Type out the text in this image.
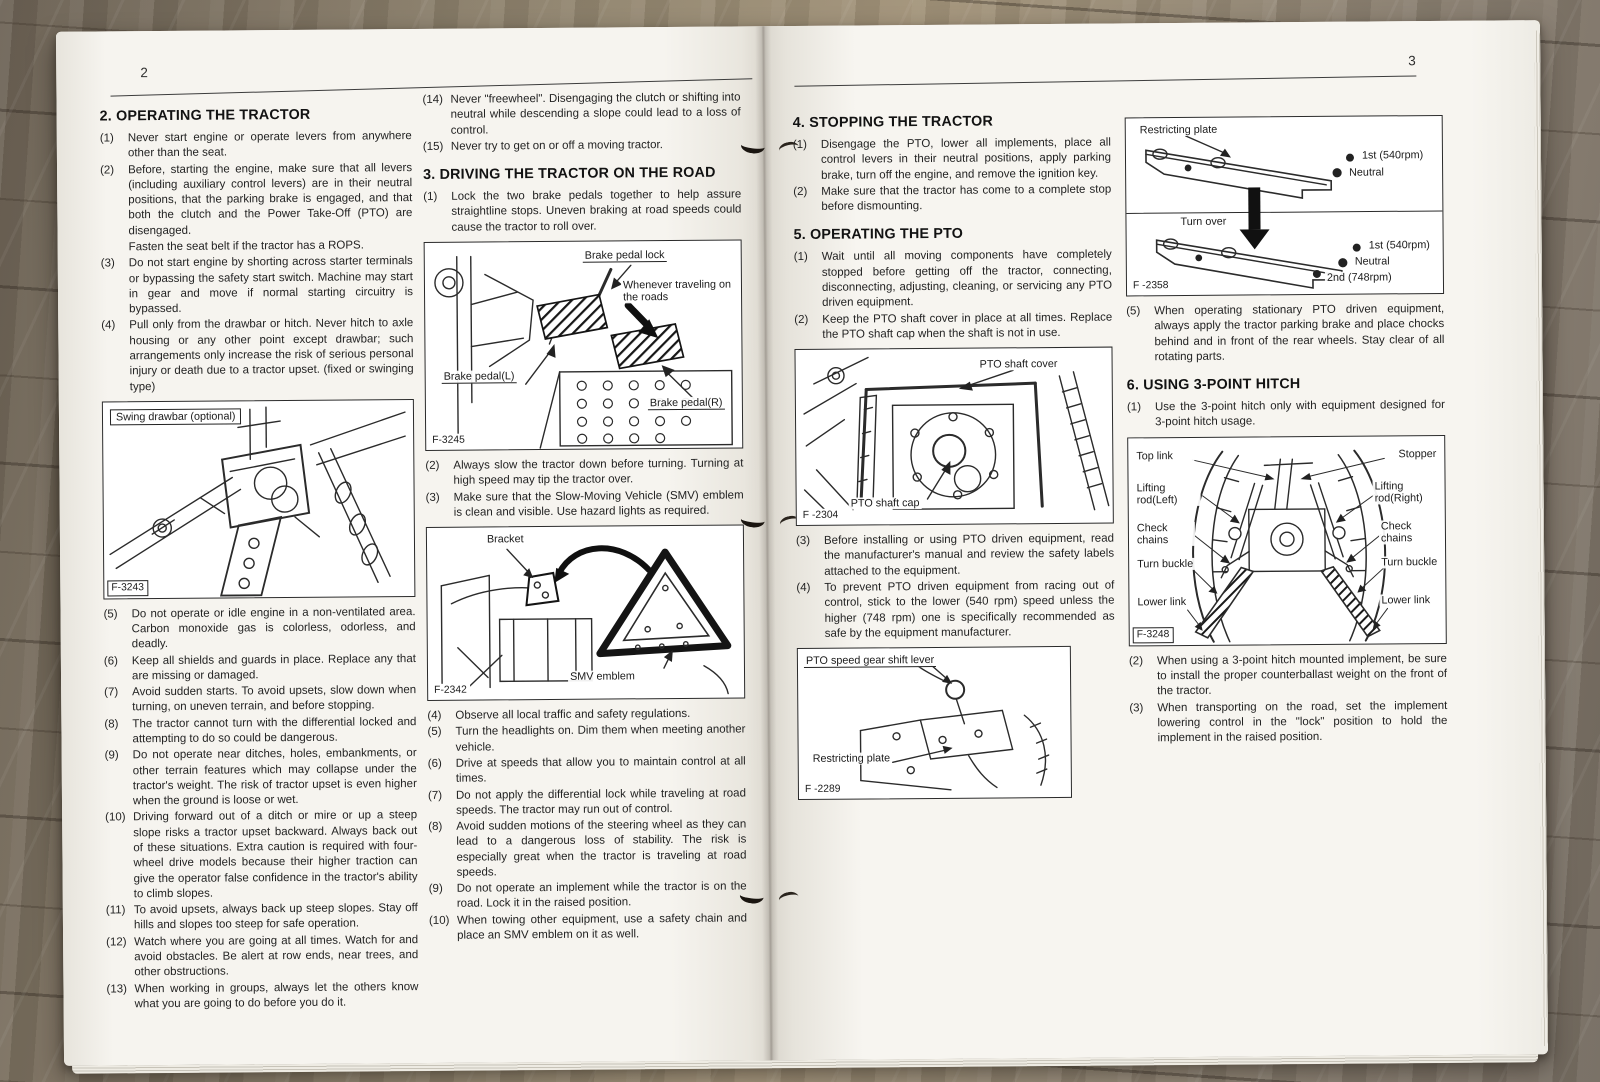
2
3
2. OPERATING THE TRACTOR
(1)	Never start engine or operate levers from anywhere other than the seat.
(2)	Before, starting the engine, make sure that all levers (including auxiliary control levers) are in their neutral positions, that the parking brake is engaged, and that both the clutch and the Power Take-Off (PTO) are disengaged.
Fasten the seat belt if the tractor has a ROPS.
(3)	Do not start engine by shorting across starter terminals or bypassing the safety start switch. Machine may start in gear and move if normal starting circuitry is bypassed.
(4)	Pull only from the drawbar or hitch. Never hitch to axle housing or any other point except drawbar; such arrangements only increase the risk of serious personal injury or death due to a tractor upset. (fixed or swinging type)
Swing drawbar (optional)
F-3243
(5)	Do not operate or idle engine in a non-ventilated area. Carbon monoxide gas is colorless, odorless, and deadly.
(6)	Keep all shields and guards in place. Replace any that are missing or damaged.
(7)	Avoid sudden starts. To avoid upsets, slow down when turning, on uneven terrain, and before stopping.
(8)	The tractor cannot turn with the differential locked and attempting to do so could be dangerous.
(9)	Do not operate near ditches, holes, embankments, or other terrain features which may collapse under the tractor's weight. The risk of tractor upset is even higher when the ground is loose or wet.
(10) Driving forward out of a ditch or mire or up a steep slope risks a tractor upset backward. Always back out of these situations. Extra caution is required with four-wheel drive models because their higher traction can give the operator false confidence in the tractor's ability to climb slopes.
(11) To avoid upsets, always back up steep slopes. Stay off hills and slopes too steep for safe operation.
(12) Watch where you are going at all times. Watch for and avoid obstacles. Be alert at row ends, near trees, and other obstructions.
(13) When working in groups, always let the others know what you are going to do before you do it.
(14) Never "freewheel". Disengaging the clutch or shifting into neutral while descending a slope could lead to a loss of control.
(15) Never try to get on or off a moving tractor.
3. DRIVING THE TRACTOR ON THE ROAD
(1)	Lock the two brake pedals together to help assure straightline stops. Uneven braking at road speeds could cause the tractor to roll over.
Brake pedal lock
Whenever traveling on the roads
Brake pedal(L)
Brake pedal(R)
F-3245
(2)	Always slow the tractor down before turning. Turning at high speed may tip the tractor over.
(3)	Make sure that the Slow-Moving Vehicle (SMV) emblem is clean and visible. Use hazard lights as required.
Bracket
SMV emblem
F-2342
(4)	Observe all local traffic and safety regulations.
(5)	Turn the headlights on. Dim them when meeting another vehicle.
(6)	Drive at speeds that allow you to maintain control at all times.
(7)	Do not apply the differential lock while traveling at road speeds. The tractor may run out of control.
(8)	Avoid sudden motions of the steering wheel as they can lead to a dangerous loss of stability. The risk is especially great when the tractor is traveling at road speeds.
(9)	Do not operate an implement while the tractor is on the road. Lock it in the raised position.
(10) When towing other equipment, use a safety chain and place an SMV emblem on it as well.
4. STOPPING THE TRACTOR
(1)	Disengage the PTO, lower all implements, place all control levers in their neutral positions, apply parking brake, turn off the engine, and remove the ignition key.
(2)	Make sure that the tractor has come to a complete stop before dismounting.
5. OPERATING THE PTO
(1)	Wait until all moving components have completely stopped before getting off the tractor, connecting, disconnecting, adjusting, cleaning, or servicing any PTO driven equipment.
(2)	Keep the PTO shaft cover in place at all times. Replace the PTO shaft cap when the shaft is not in use.
PTO shaft cover
PTO shaft cap
F -2304
(3)	Before installing or using PTO driven equipment, read the manufacturer's manual and review the safety labels attached to the equipment.
(4)	To prevent PTO driven equipment from racing out of control, stick to the lower (540 rpm) speed unless the higher (748 rpm) one is specifically recommended as safe by the equipment manufacturer.
PTO speed gear shift lever
Restricting plate
F -2289
Restricting plate
1st (540rpm)
Neutral
Turn over
1st (540rpm)
Neutral
2nd (748rpm)
F -2358
(5)	When operating stationary PTO driven equipment, always apply the tractor parking brake and place chocks behind and in front of the rear wheels. Stay clear of all rotating parts.
6. USING 3-POINT HITCH
(1)	Use the 3-point hitch only with equipment designed for 3-point hitch usage.
Top link
Lifting rod(Left)
Check chains
Turn buckle
Lower link
Stopper
Lifting rod(Right)
Check chains
Turn buckle
Lower link
F-3248
(2)	When using a 3-point hitch mounted implement, be sure to install the proper counterballast weight on the front of the tractor.
(3)	When transporting on the road, set the implement lowering control in the "lock" position to hold the implement in the raised position.
